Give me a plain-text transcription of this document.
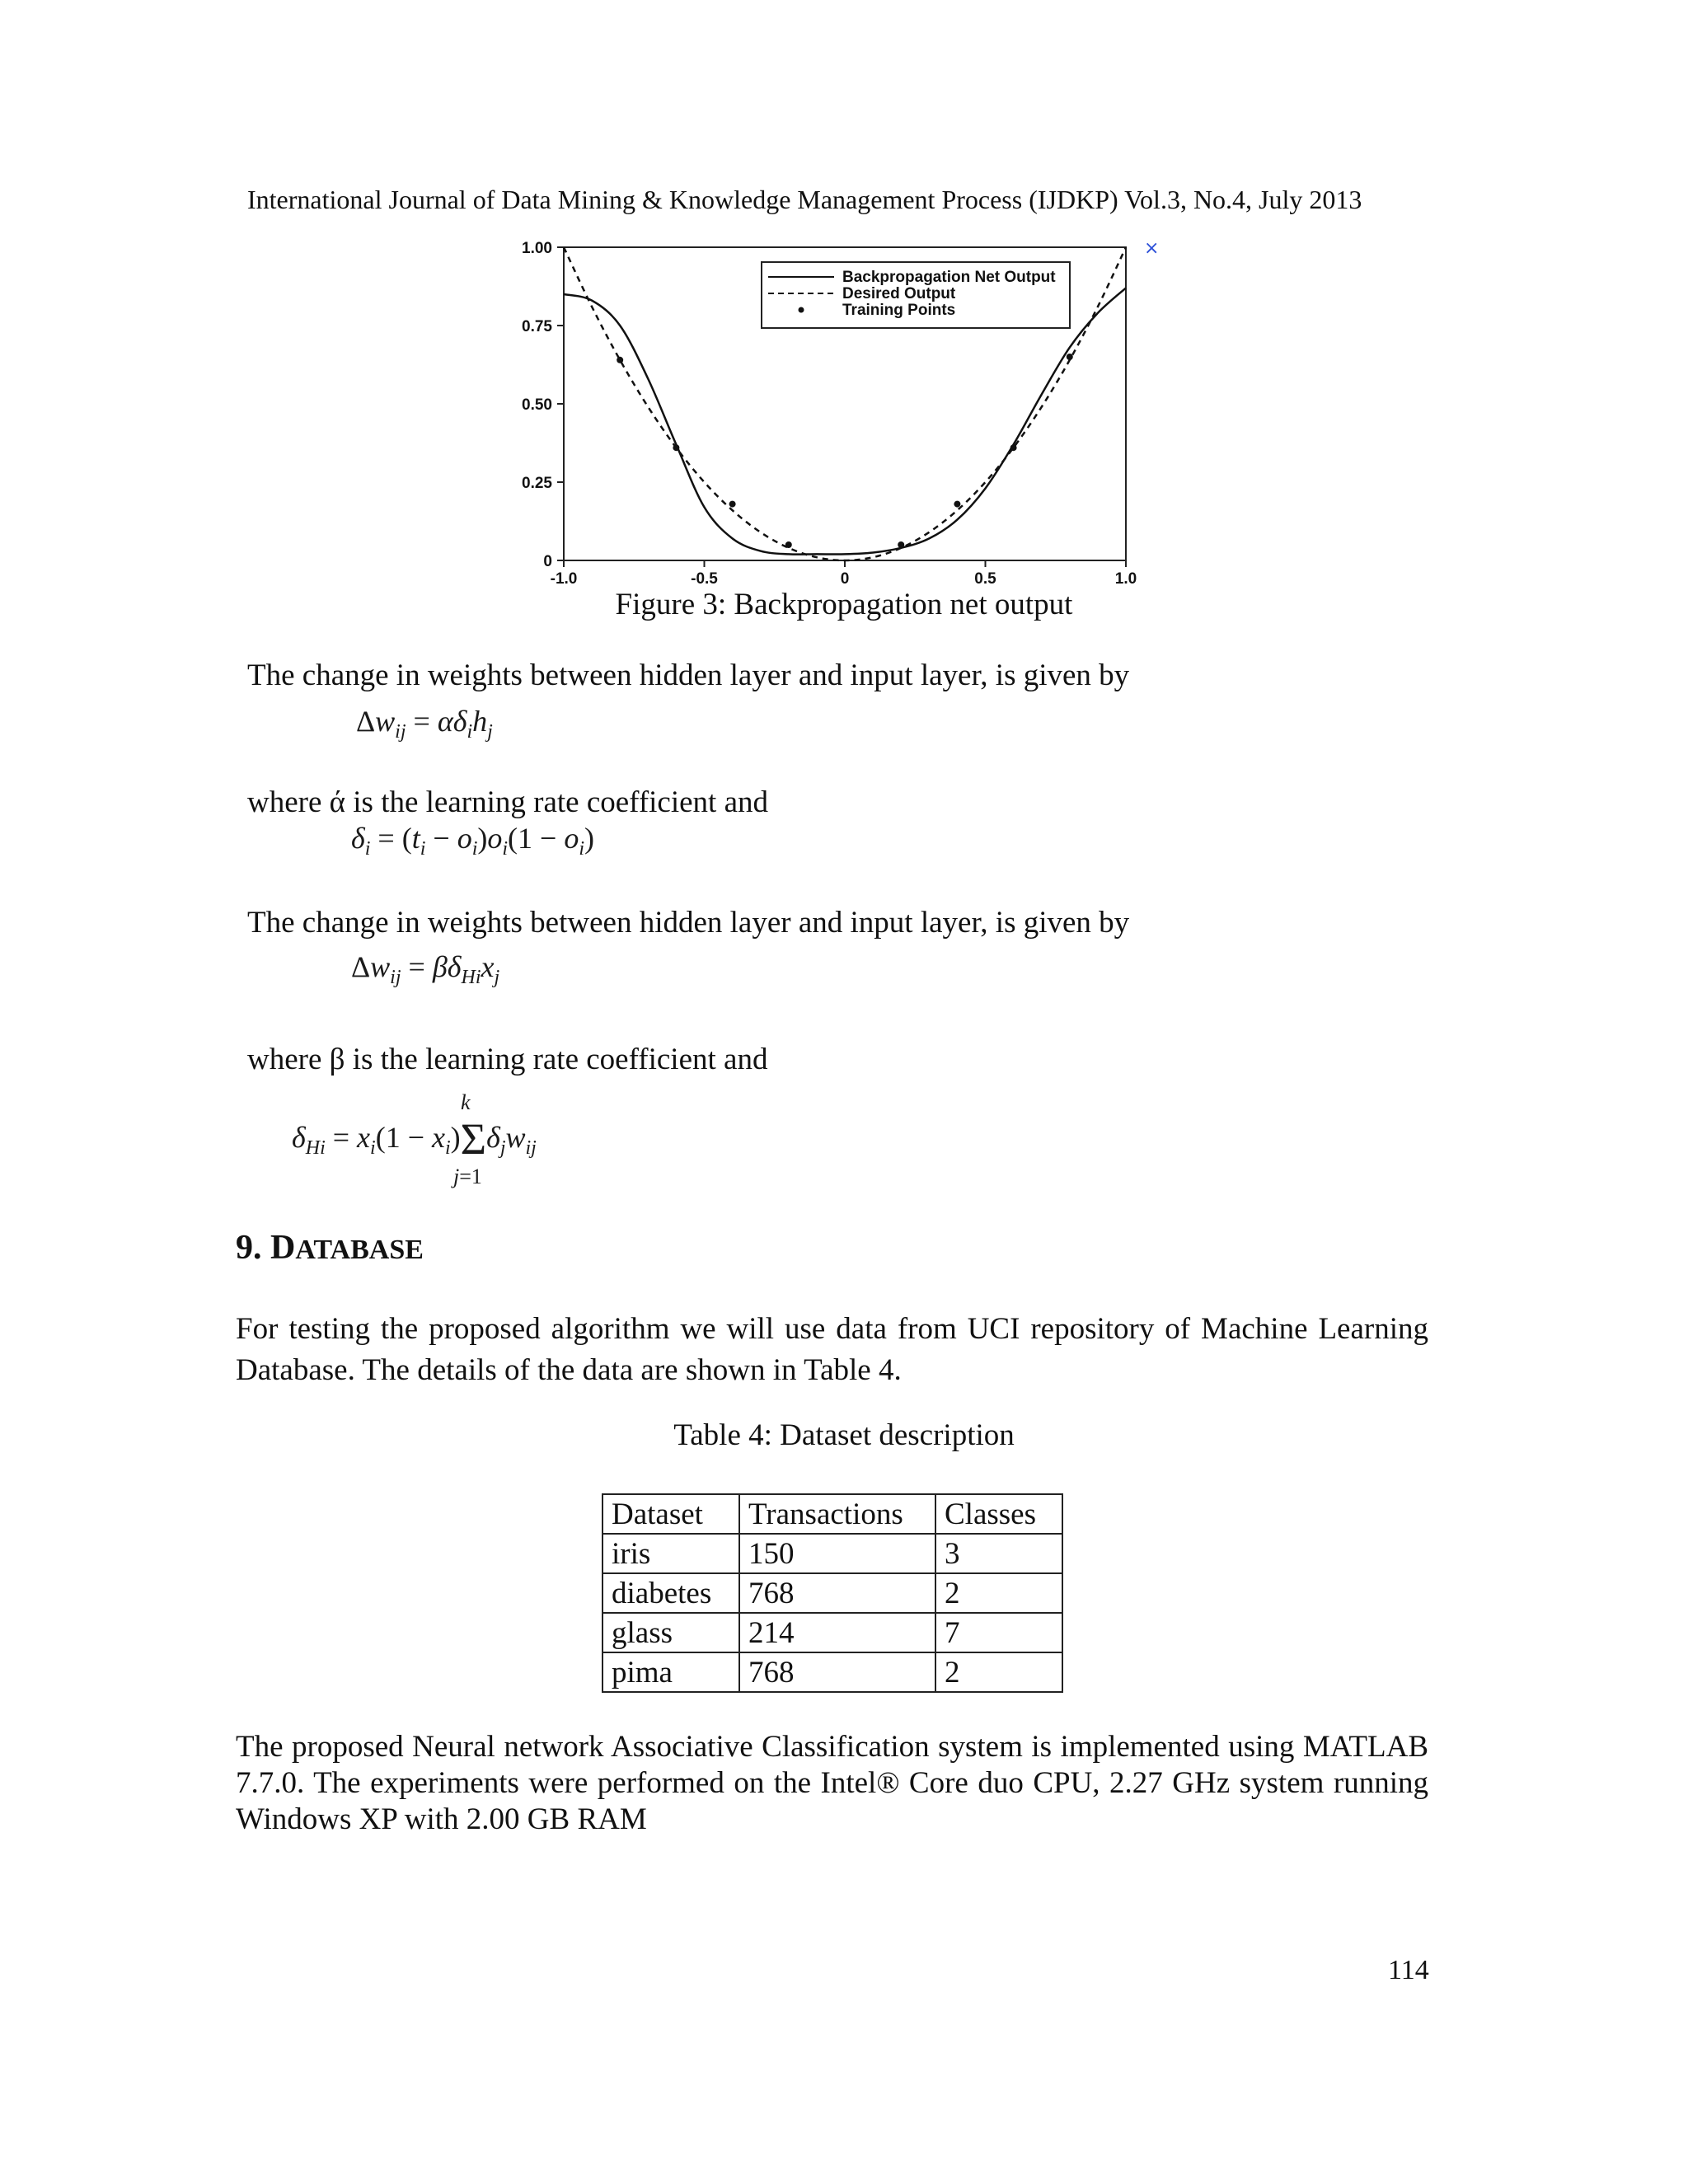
International Journal of Data Mining & Knowledge Management Process (IJDKP) Vol.3, No.4, July 2013
0
0.25
0.50
0.75
1.00
-1.0	-0.5	0	0.5	1.0
Backpropagation Net Output
Desired Output
Training Points
×
Figure 3: Backpropagation net output
The change in weights between hidden layer and input layer, is given by
$\Delta w_{ij} = \alpha\delta_ih_j$
where ά is the learning rate coefficient and
$\delta_i = (t_i - o_i)o_i(1 - o_i)$
The change in weights between hidden layer and input layer, is given by
$\Delta w_{ij} = \beta\delta_{Hi}x_j$
where β is the learning rate coefficient and
k
$\delta_{Hi} = x_i(1 - x_i)\Sigma\delta_jw_{ij}$
j=1
9. DATABASE
For testing the proposed algorithm we will use data from UCI repository of Machine Learning Database. The details of the data are shown in Table 4.
Table 4: Dataset description
Dataset	Transactions	Classes
iris	150	3
diabetes	768	2
glass	214	7
pima	768	2
The proposed Neural network Associative Classification system is implemented using MATLAB 7.7.0. The experiments were performed on the Intel® Core duo CPU, 2.27 GHz system running Windows XP with 2.00 GB RAM
114
